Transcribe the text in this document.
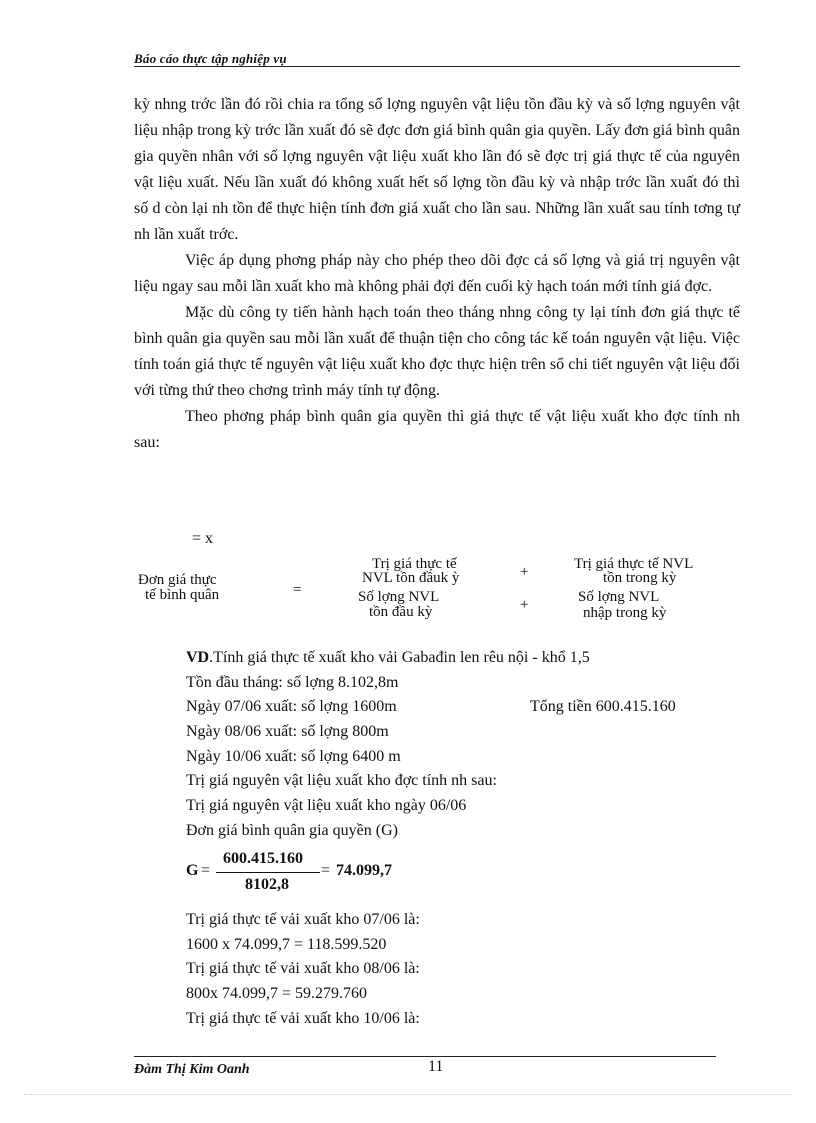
Báo cáo thực tập nghiệp vụ

kỳ nhng trớc lần đó rồi chia ra tổng số lợng nguyên vật liệu tồn đầu kỳ và số lợng nguyên vật liệu nhập trong kỳ trớc lần xuất đó sẽ đợc đơn giá bình quân gia quyền. Lấy đơn giá bình quân gia quyền nhân với số lợng nguyên vật liệu xuất kho lần đó sẽ đợc trị giá thực tế của nguyên vật liệu xuất. Nếu lần xuất đó không xuất hết số lợng tồn đầu kỳ và nhập trớc lần xuất đó thì số d còn lại nh tồn để thực hiện tính đơn giá xuất cho lần sau. Những lần xuất sau tính tơng tự nh lần xuất trớc.

Việc áp dụng phơng pháp này cho phép theo dõi đợc cả số lợng và giá trị nguyên vật liệu ngay sau mỗi lần xuất kho mà không phải đợi đến cuối kỳ hạch toán mới tính giá đợc.

Mặc dù công ty tiến hành hạch toán theo tháng nhng công ty lại tính đơn giá thực tế bình quân gia quyền sau mỗi lần xuất để thuận tiện cho công tác kế toán nguyên vật liệu. Việc tính toán giá thực tế nguyên vật liệu xuất kho đợc thực hiện trên sổ chi tiết nguyên vật liệu đối với từng thứ theo chơng trình máy tính tự động.

Theo phơng pháp bình quân gia quyền thì giá thực tế vật liệu xuất kho đợc tính nh sau:

= x
Đơn giá thực
tế bình quân	=
Trị giá thực tế
NVL tồn đầuk ỳ	+	Trị giá thực tế NVL
tồn trong kỳ
Số lợng NVL
tồn đầu kỳ	+	Số lợng NVL
nhập trong kỳ
VD.Tính giá thực tế xuất kho vải Gabađin len rêu nội - khổ 1,5
Tồn đầu tháng: số lợng 8.102,8m
Ngày 07/06 xuất: số lợng 1600m	Tổng tiền 600.415.160
Ngày 08/06 xuất: số lợng 800m
Ngày 10/06 xuất: số lợng 6400 m
Trị giá nguyên vật liệu xuất kho đợc tính nh sau:
Trị giá nguyên vật liệu xuất kho ngày 06/06
Đơn giá bình quân gia quyền (G)
G =
600.415.160
8102,8
= 74.099,7
Trị giá thực tế vải xuất kho 07/06 là:
1600 x 74.099,7 = 118.599.520
Trị giá thực tế vải xuất kho 08/06 là:
800x 74.099,7 = 59.279.760
Trị giá thực tế vải xuất kho 10/06 là:
Đàm Thị Kim Oanh	11
